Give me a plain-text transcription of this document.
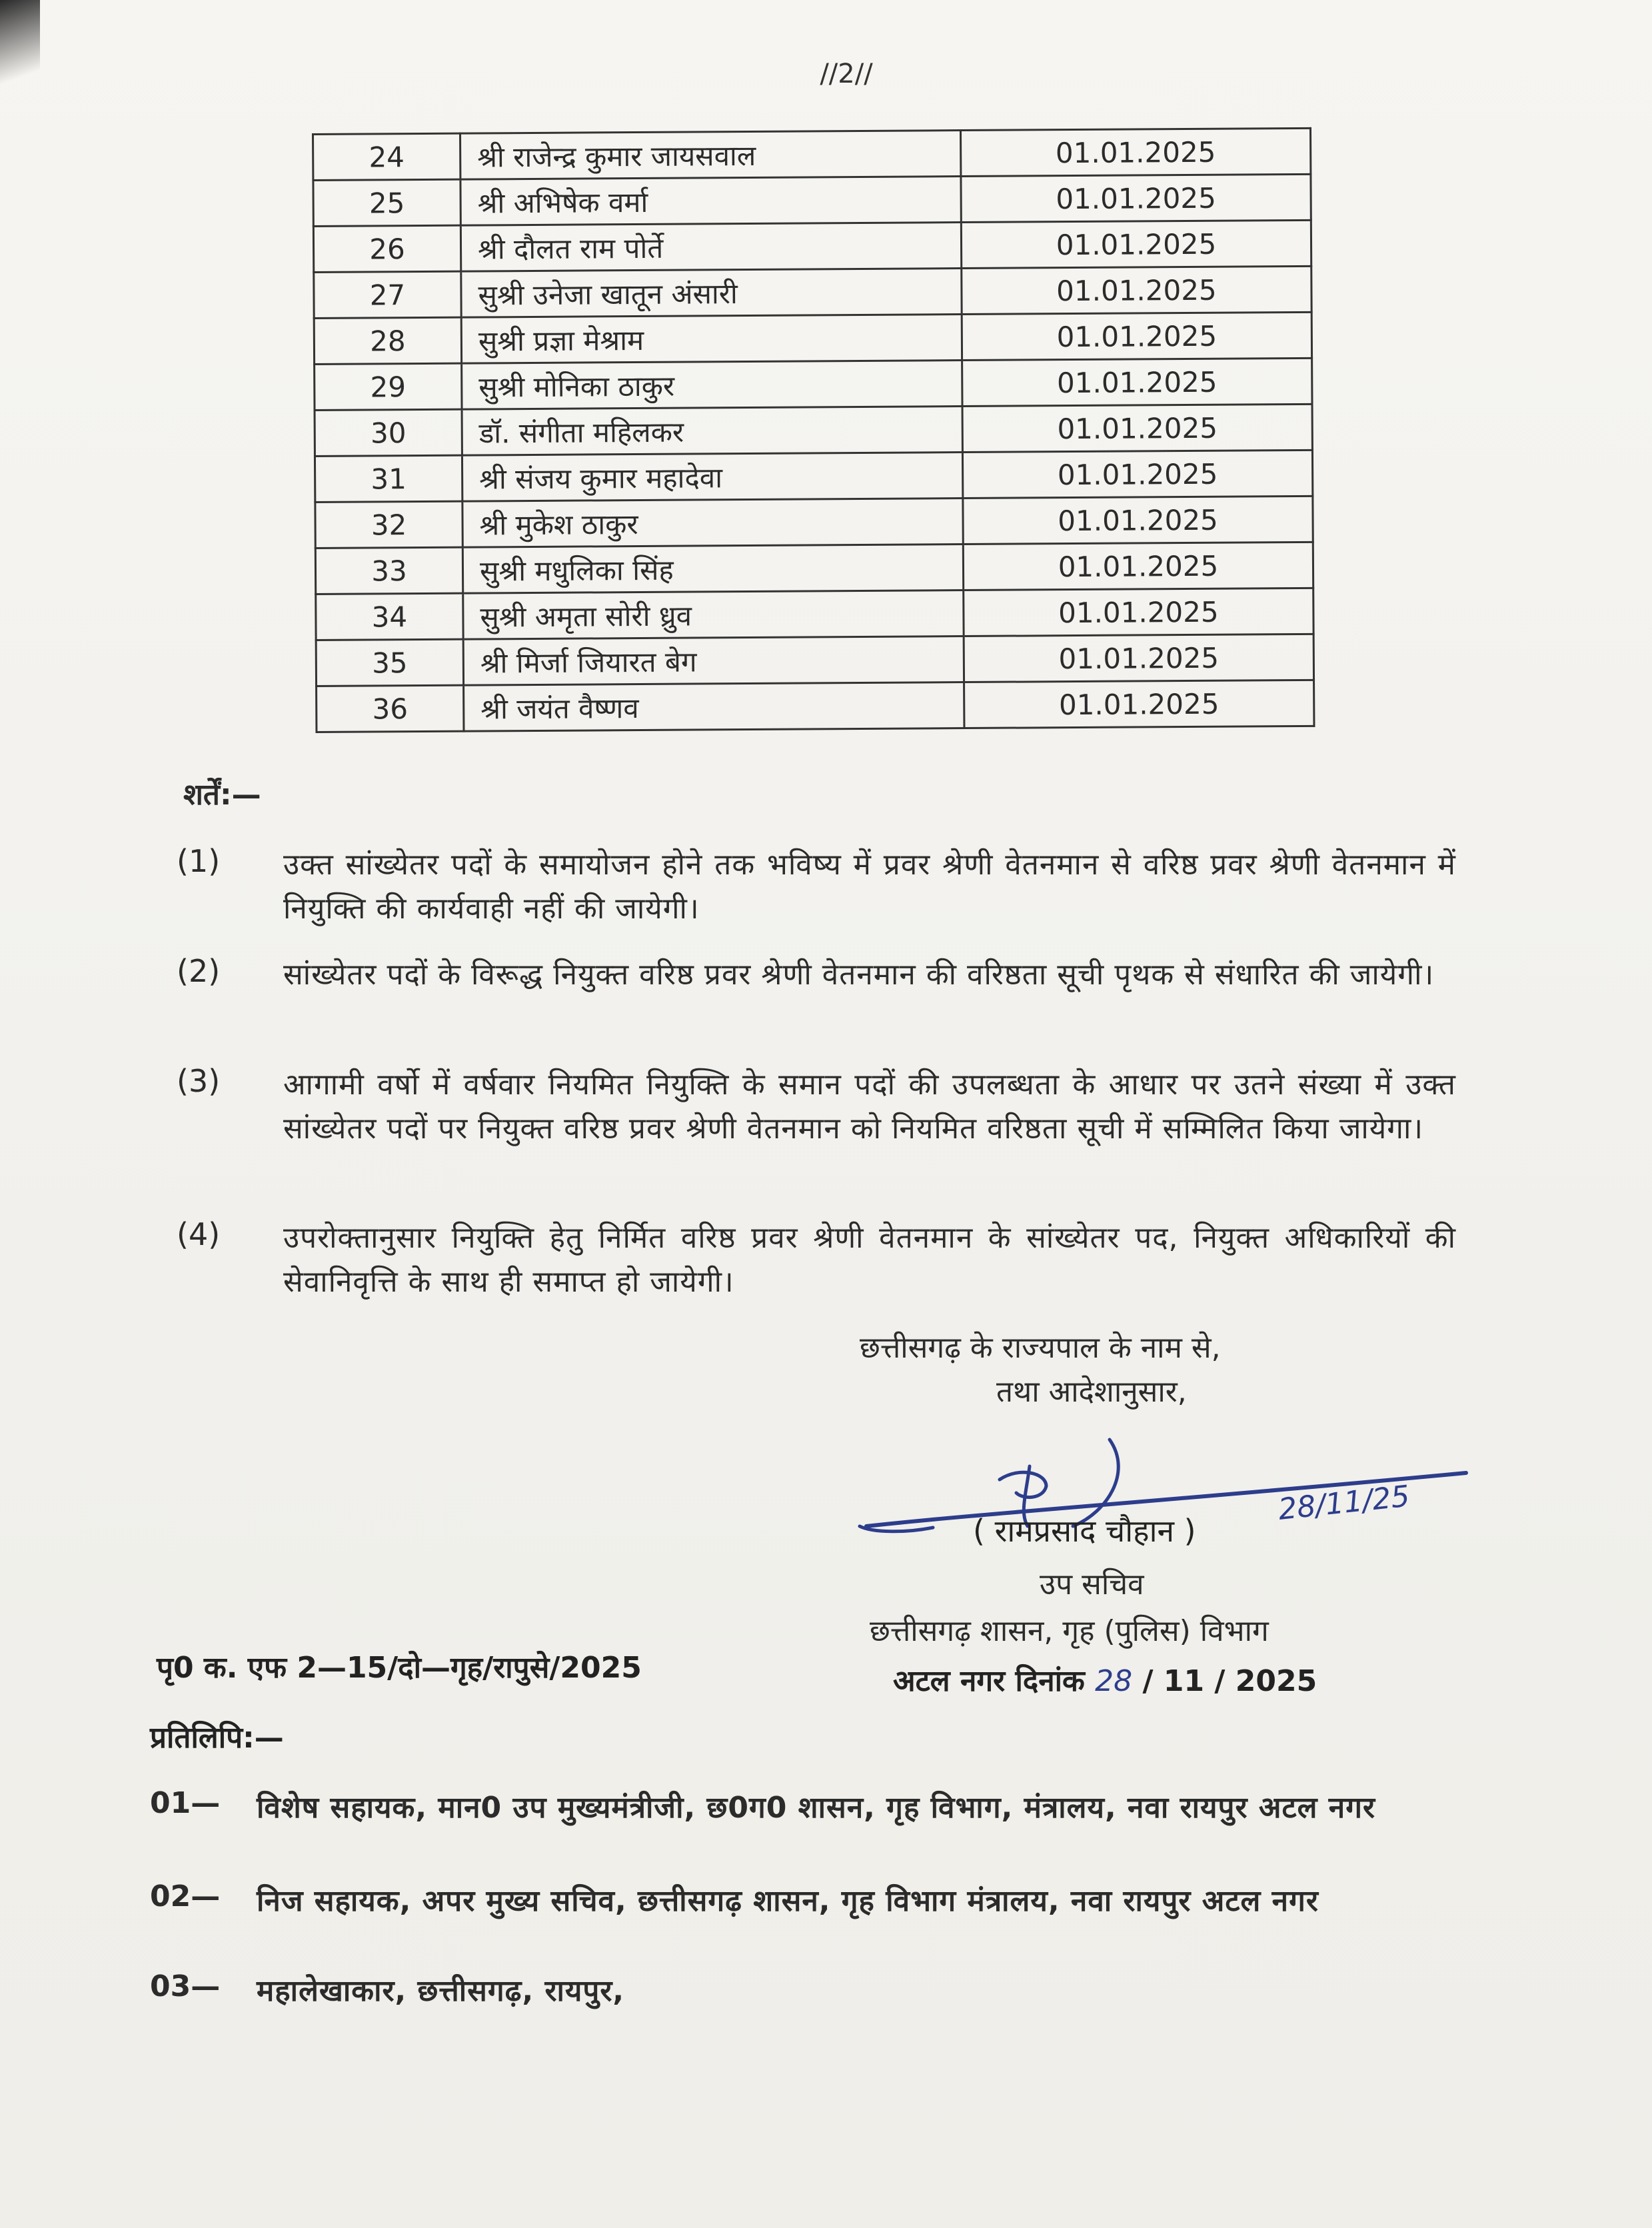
//2//
24	श्री राजेन्द्र कुमार जायसवाल	01.01.2025
25	श्री अभिषेक वर्मा	01.01.2025
26	श्री दौलत राम पोर्ते	01.01.2025
27	सुश्री उनेजा खातून अंसारी	01.01.2025
28	सुश्री प्रज्ञा मेश्राम	01.01.2025
29	सुश्री मोनिका ठाकुर	01.01.2025
30	डॉ. संगीता महिलकर	01.01.2025
31	श्री संजय कुमार महादेवा	01.01.2025
32	श्री मुकेश ठाकुर	01.01.2025
33	सुश्री मधुलिका सिंह	01.01.2025
34	सुश्री अमृता सोरी ध्रुव	01.01.2025
35	श्री मिर्जा जियारत बेग	01.01.2025
36	श्री जयंत वैष्णव	01.01.2025
शर्तें:—
(1) उक्त सांख्येतर पदों के समायोजन होने तक भविष्य में प्रवर श्रेणी वेतनमान से वरिष्ठ प्रवर श्रेणी वेतनमान में नियुक्ति की कार्यवाही नहीं की जायेगी।
(2) सांख्येतर पदों के विरूद्ध नियुक्त वरिष्ठ प्रवर श्रेणी वेतनमान की वरिष्ठता सूची पृथक से संधारित की जायेगी।
(3) आगामी वर्षो में वर्षवार नियमित नियुक्ति के समान पदों की उपलब्धता के आधार पर उतने संख्या में उक्त सांख्येतर पदों पर नियुक्त वरिष्ठ प्रवर श्रेणी वेतनमान को नियमित वरिष्ठता सूची में सम्मिलित किया जायेगा।
(4) उपरोक्तानुसार नियुक्ति हेतु निर्मित वरिष्ठ प्रवर श्रेणी वेतनमान के सांख्येतर पद, नियुक्त अधिकारियों की सेवानिवृत्ति के साथ ही समाप्त हो जायेगी।
छत्तीसगढ़ के राज्यपाल के नाम से,
तथा आदेशानुसार,
28/11/25
( रामप्रसाद चौहान )
उप सचिव
छत्तीसगढ़ शासन, गृह (पुलिस) विभाग
पृ0 क. एफ 2—15/दो—गृह/रापुसे/2025	अटल नगर दिनांक 28 / 11 / 2025
प्रतिलिपि:—
01— विशेष सहायक, मान0 उप मुख्यमंत्रीजी, छ0ग0 शासन, गृह विभाग, मंत्रालय, नवा रायपुर अटल नगर
02— निज सहायक, अपर मुख्य सचिव, छत्तीसगढ़ शासन, गृह विभाग मंत्रालय, नवा रायपुर अटल नगर
03— महालेखाकार, छत्तीसगढ़, रायपुर,
